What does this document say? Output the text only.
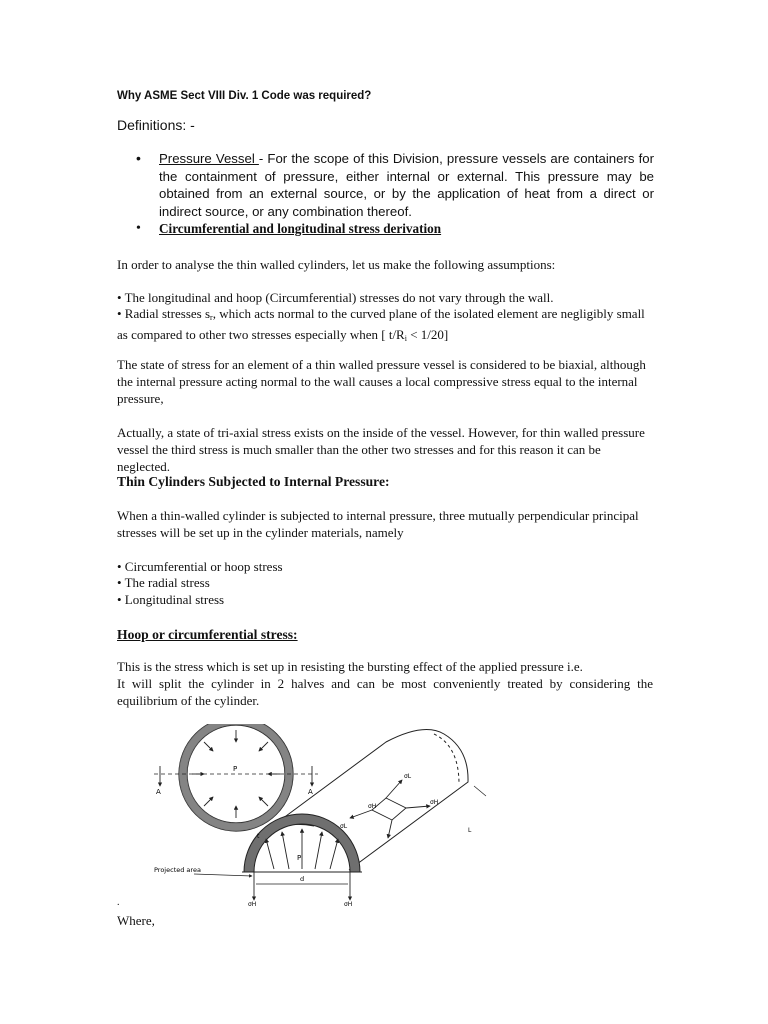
Why ASME Sect VIII Div. 1 Code was required?
Definitions: -
• Pressure Vessel - For the scope of this Division, pressure vessels are containers for the containment of pressure, either internal or external. This pressure may be obtained from an external source, or by the application of heat from a direct or indirect source, or any combination thereof.
• Circumferential and longitudinal stress derivation

In order to analyse the thin walled cylinders, let us make the following assumptions:

• The longitudinal and hoop (Circumferential) stresses do not vary through the wall.

• Radial stresses $s_r$, which acts normal to the curved plane of the isolated element are negligibly small as compared to other two stresses especially when [ $t/R_i < 1/20$]

The state of stress for an element of a thin walled pressure vessel is considered to be biaxial, although the internal pressure acting normal to the wall causes a local compressive stress equal to the internal pressure,

Actually, a state of tri-axial stress exists on the inside of the vessel. However, for thin walled pressure vessel the third stress is much smaller than the other two stresses and for this reason it can be neglected.

Thin Cylinders Subjected to Internal Pressure:

When a thin-walled cylinder is subjected to internal pressure, three mutually perpendicular principal stresses will be set up in the cylinder materials, namely

• Circumferential or hoop stress

• The radial stress

• Longitudinal stress

Hoop or circumferential stress:

This is the stress which is set up in resisting the bursting effect of the applied pressure i.e.

It will split the cylinder in 2 halves and can be most conveniently treated by considering the equilibrium of the cylinder.

P
A	A
t
P
Projected area
d
σH	σH
σL
σH
σL
σH
L
.
Where,
